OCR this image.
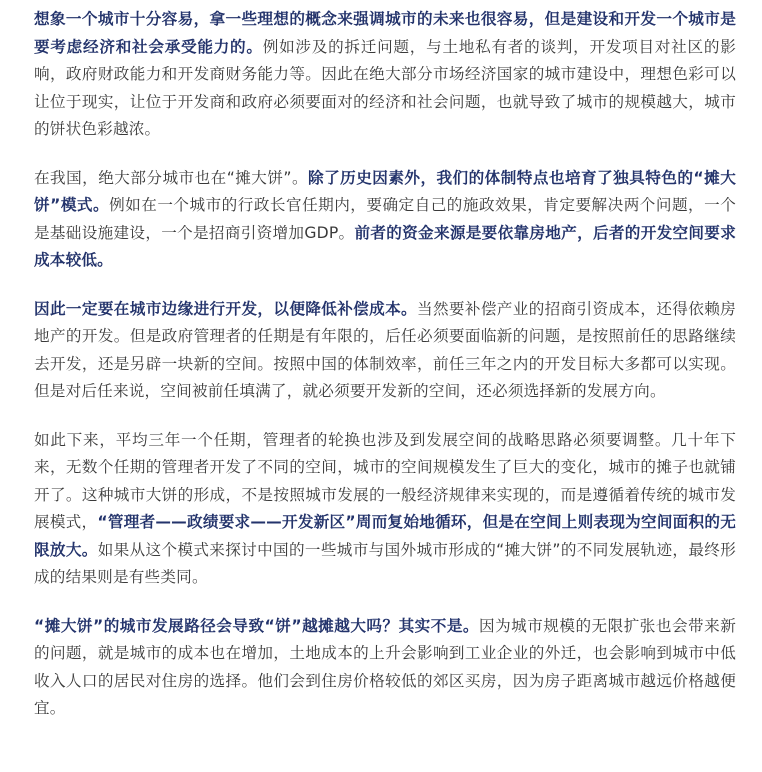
想象一个城市十分容易，拿一些理想的概念来强调城市的未来也很容易，但是建设和开发一个城市是要考虑经济和社会承受能力的。例如涉及的拆迁问题，与土地私有者的谈判，开发项目对社区的影响，政府财政能力和开发商财务能力等。因此在绝大部分市场经济国家的城市建设中，理想色彩可以让位于现实，让位于开发商和政府必须要面对的经济和社会问题，也就导致了城市的规模越大，城市的饼状色彩越浓。

在我国，绝大部分城市也在“摊大饼”。除了历史因素外，我们的体制特点也培育了独具特色的“摊大饼”模式。例如在一个城市的行政长官任期内，要确定自己的施政效果，肯定要解决两个问题，一个是基础设施建设，一个是招商引资增加GDP。前者的资金来源是要依靠房地产，后者的开发空间要求成本较低。

因此一定要在城市边缘进行开发，以便降低补偿成本。当然要补偿产业的招商引资成本，还得依赖房地产的开发。但是政府管理者的任期是有年限的，后任必须要面临新的问题，是按照前任的思路继续去开发，还是另辟一块新的空间。按照中国的体制效率，前任三年之内的开发目标大多都可以实现。但是对后任来说，空间被前任填满了，就必须要开发新的空间，还必须选择新的发展方向。

如此下来，平均三年一个任期，管理者的轮换也涉及到发展空间的战略思路必须要调整。几十年下来，无数个任期的管理者开发了不同的空间，城市的空间规模发生了巨大的变化，城市的摊子也就铺开了。这种城市大饼的形成，不是按照城市发展的一般经济规律来实现的，而是遵循着传统的城市发展模式，“管理者——政绩要求——开发新区”周而复始地循环，但是在空间上则表现为空间面积的无限放大。如果从这个模式来探讨中国的一些城市与国外城市形成的“摊大饼”的不同发展轨迹，最终形成的结果则是有些类同。

“摊大饼”的城市发展路径会导致“饼”越摊越大吗？其实不是。因为城市规模的无限扩张也会带来新的问题，就是城市的成本也在增加，土地成本的上升会影响到工业企业的外迁，也会影响到城市中低收入人口的居民对住房的选择。他们会到住房价格较低的郊区买房，因为房子距离城市越远价格越便宜。
